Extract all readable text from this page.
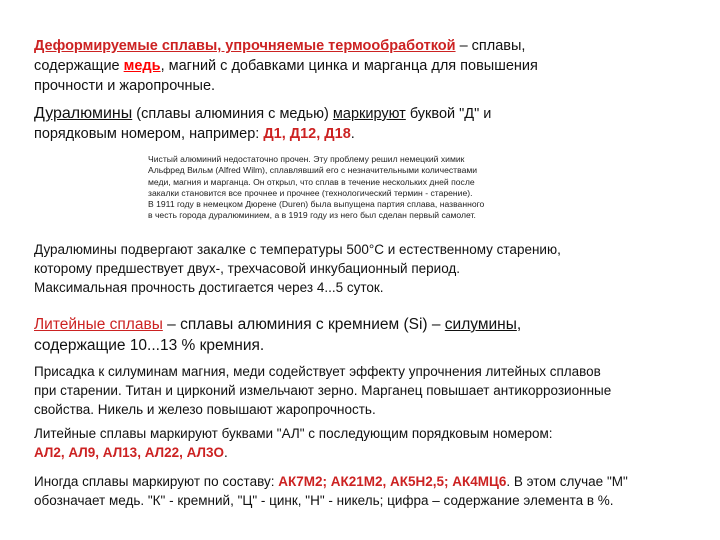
Деформируемые сплавы, упрочняемые термообработкой – сплавы,
содержащие медь, магний с добавками цинка и марганца для повышения
прочности и жаропрочные.
Дуралюмины (сплавы алюминия с медью) маркируют буквой "Д" и
порядковым номером, например: Д1, Д12, Д18.
Чистый алюминий недостаточно прочен. Эту проблему решил немецкий химик
Альфред Вильм (Alfred Wilm), сплавлявший его с незначительными количествами
меди, магния и марганца. Он открыл, что сплав в течение нескольких дней после
закалки становится все прочнее и прочнее (технологический термин - старение).
В 1911 году в немецком Дюрене (Duren) была выпущена партия сплава, названного
в честь города дуралюминием, а в 1919 году из него был сделан первый самолет.
Дуралюмины подвергают закалке с температуры 500°С и естественному старению,
которому предшествует двух-, трехчасовой инкубационный период.
Максимальная прочность достигается через 4...5 суток.
Литейные сплавы – сплавы алюминия с кремнием (Si) – силумины,
содержащие 10...13 % кремния.
Присадка к силуминам магния, меди содействует эффекту упрочнения литейных сплавов
при старении. Титан и цирконий измельчают зерно. Марганец повышает антикоррозионные
свойства. Никель и железо повышают жаропрочность.
Литейные сплавы маркируют буквами "АЛ" с последующим порядковым номером:
АЛ2, АЛ9, АЛ13, АЛ22, АЛ3О.
Иногда сплавы маркируют по составу: АК7М2; АК21М2, АК5Н2,5; АК4МЦ6. В этом случае "М"
обозначает медь. "К" - кремний, "Ц" - цинк, "Н" - никель; цифра – содержание элемента в %.
